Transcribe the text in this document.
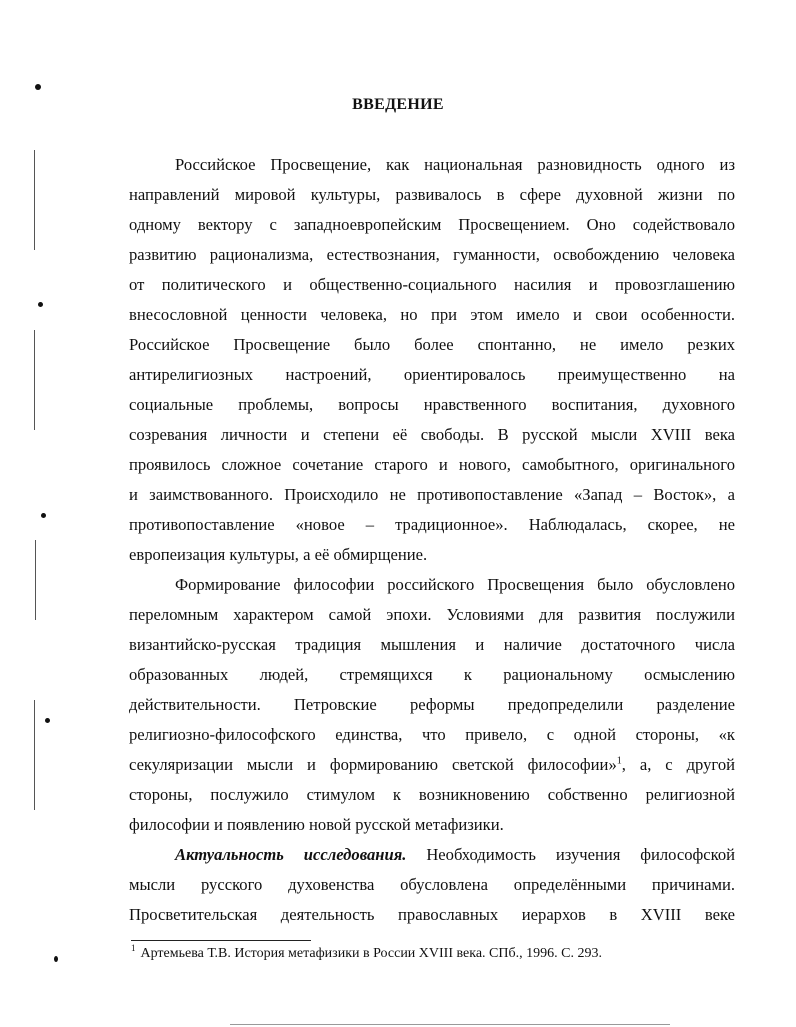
ВВЕДЕНИЕ
Российское Просвещение, как национальная разновидность одного из
направлений мировой культуры, развивалось в сфере духовной жизни по
одному вектору с западноевропейским Просвещением. Оно содействовало
развитию рационализма, естествознания, гуманности, освобождению человека
от политического и общественно-социального насилия и провозглашению
внесословной ценности человека, но при этом имело и свои особенности.
Российское Просвещение было более спонтанно, не имело резких
антирелигиозных настроений, ориентировалось преимущественно на
социальные проблемы, вопросы нравственного воспитания, духовного
созревания личности и степени её свободы. В русской мысли XVIII века
проявилось сложное сочетание старого и нового, самобытного, оригинального
и заимствованного. Происходило не противопоставление «Запад – Восток», а
противопоставление «новое – традиционное». Наблюдалась, скорее, не
европеизация культуры, а её обмирщение.
Формирование философии российского Просвещения было обусловлено
переломным характером самой эпохи. Условиями для развития послужили
византийско-русская традиция мышления и наличие достаточного числа
образованных людей, стремящихся к рациональному осмыслению
действительности. Петровские реформы предопределили разделение
религиозно-философского единства, что привело, с одной стороны, «к
секуляризации мысли и формированию светской философии»$^1$, а, с другой
стороны, послужило стимулом к возникновению собственно религиозной
философии и появлению новой русской метафизики.
Актуальность исследования. Необходимость изучения философской
мысли русского духовенства обусловлена определёнными причинами.
Просветительская деятельность православных иерархов в XVIII веке
$^1$ Артемьева Т.В. История метафизики в России XVIII века. СПб., 1996. С. 293.
